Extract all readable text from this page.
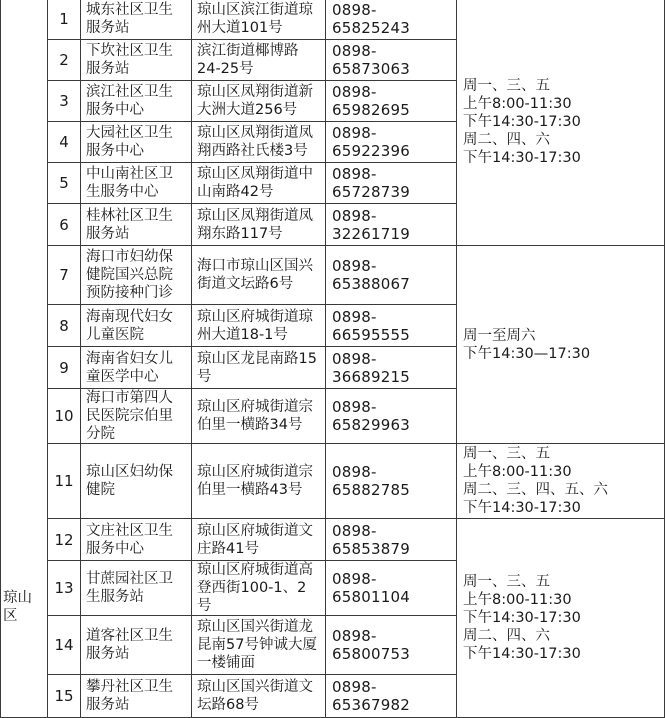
琼山区	1	城东社区卫生服务站	琼山区滨江街道琼州大道101号	0898-65825243	周一、三、五
上午8:00-11:30
下午14:30-17:30
周二、四、六
下午14:30-17:30

	2	下坎社区卫生服务站	滨江街道椰博路24-25号	0898-65873063	
	3	滨江社区卫生服务中心	琼山区凤翔街道新大洲大道256号	0898-65982695	
	4	大园社区卫生服务中心	琼山区凤翔街道凤翔西路社氏楼3号	0898-65922396	
	5	中山南社区卫生服务中心	琼山区凤翔街道中山南路42号	0898-65728739	
	6	桂林社区卫生服务站	琼山区凤翔街道凤翔东路117号	0898-32261719	
	7	海口市妇幼保健院国兴总院预防接种门诊	海口市琼山区国兴街道文坛路6号	0898-65388067	周一至周六
下午14:30—17:30

	8	海南现代妇女儿童医院	琼山区府城街道琼州大道18-1号	0898-66595555	
	9	海南省妇女儿童医学中心	琼山区龙昆南路15号	0898-36689215	
	10	海口市第四人民医院宗伯里分院	琼山区府城街道宗伯里一横路34号	0898-65829963	
	11	琼山区妇幼保健院	琼山区府城街道宗伯里一横路43号	0898-65882785	周一、三、五
上午8:00-11:30
周二、三、四、五、六
下午14:30-17:30

	12	文庄社区卫生服务中心	琼山区府城街道文庄路41号	0898-65853879	周一、三、五
上午8:00-11:30
下午14:30-17:30
周二、四、六
下午14:30-17:30

	13	甘蔗园社区卫生服务站	琼山区府城街道高登西街100-1、2号	0898-65801104	
	14	道客社区卫生服务站	琼山区国兴街道龙昆南57号钟诚大厦一楼铺面	0898-65800753	
	15	攀丹社区卫生服务站	琼山区国兴街道文坛路68号	0898-65367982	
